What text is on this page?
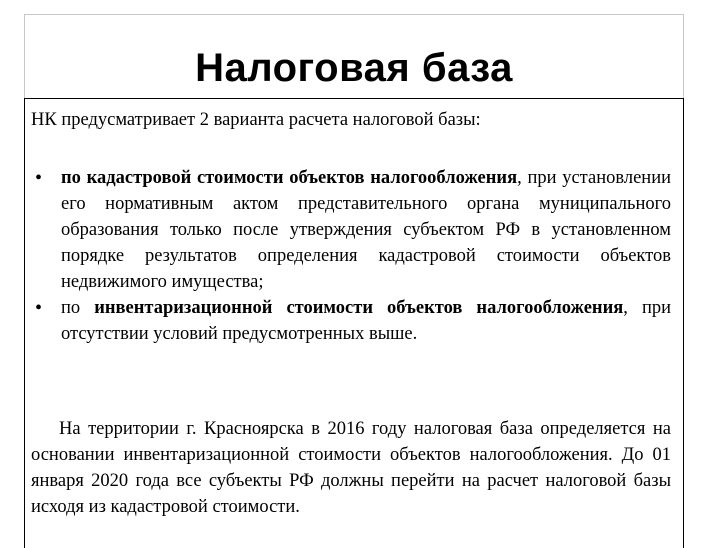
Налоговая база
НК предусматривает 2 варианта расчета налоговой базы:
• по кадастровой стоимости объектов налогообложения, при установлении его нормативным актом представительного органа муниципального образования только после утверждения субъектом РФ в установленном порядке результатов определения кадастровой стоимости объектов недвижимого имущества;
• по инвентаризационной стоимости объектов налогообложения, при отсутствии условий предусмотренных выше.
На территории г. Красноярска в 2016 году налоговая база определяется на основании инвентаризационной стоимости объектов налогообложения. До 01 января 2020 года все субъекты РФ должны перейти на расчет налоговой базы исходя из кадастровой стоимости.
